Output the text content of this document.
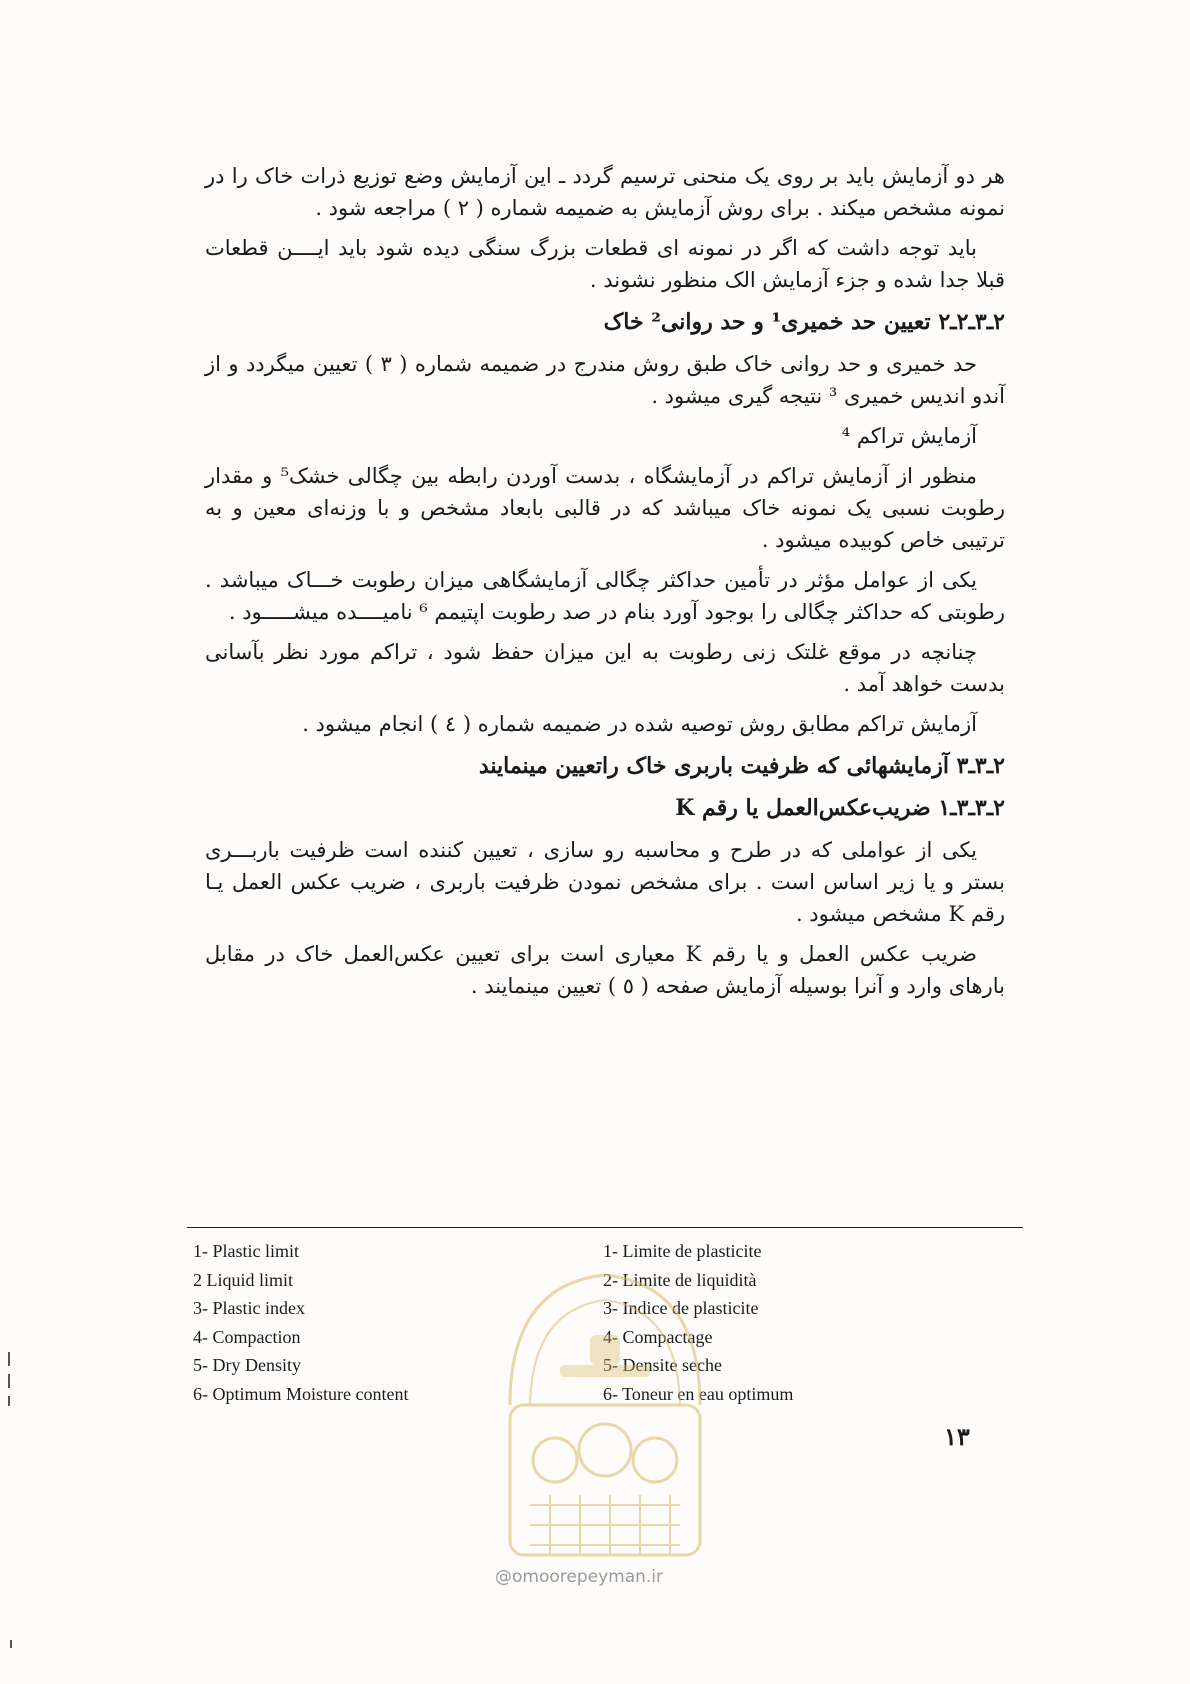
هر دو آزمایش باید بر روی یک منحنی ترسیم گردد ـ این آزمایش وضع توزیع ذرات خاک را در نمونه مشخص میکند . برای روش آزمایش به ضمیمه شماره ( ۲ ) مراجعه شود .

باید توجه داشت که اگر در نمونه ای قطعات بزرگ سنگی دیده شود باید ایــــن قطعات قبلا جدا شده و جزء آزمایش الک منظور نشوند .

۲ـ۳ـ۲ـ۲ تعیین حد خمیری¹ و حد روانی² خاک

حد خمیری و حد روانی خاک طبق روش مندرج در ضمیمه شماره ( ۳ ) تعیین میگردد و از آندو اندیس خمیری ³ نتیجه گیری میشود .

آزمایش تراکم ⁴

منظور از آزمایش تراکم در آزمایشگاه ، بدست آوردن رابطه بین چگالی خشک⁵ و مقدار رطوبت نسبی یک نمونه خاک میباشد که در قالبی بابعاد مشخص و با وزنه‌ای معین و به ترتیبی خاص کوبیده میشود .

یکی از عوامل مؤثر در تأمین حداکثر چگالی آزمایشگاهی میزان رطوبت خـــاک میباشد . رطوبتی که حداکثر چگالی را بوجود آورد بنام در صد رطوبت اپتیمم ⁶ نامیــــده میشـــــود .

چنانچه در موقع غلتک زنی رطوبت به این میزان حفظ شود ، تراکم مورد نظر بآسانی بدست خواهد آمد .

آزمایش تراکم مطابق روش توصیه شده در ضمیمه شماره ( ٤ ) انجام میشود .

۲ـ۳ـ۳ آزمایشهائی که ظرفیت باربری خاک راتعیین مینمایند

۲ـ۳ـ۳ـ۱ ضریب‌عکس‌العمل یا رقم K

یکی از عواملی که در طرح و محاسبه رو سازی ، تعیین کننده است ظرفیت باربـــری بستر و یا زیر اساس است . برای مشخص نمودن ظرفیت باربری ، ضریب عکس العمل یـا رقم K مشخص میشود .

ضریب عکس العمل و یا رقم K معیاری است برای تعیین عکس‌العمل خاک در مقابل بارهای وارد و آنرا بوسیله آزمایش صفحه ( ٥ ) تعیین مینمایند .

1- Plastic limit
2 Liquid limit
3- Plastic index
4- Compaction
5- Dry Density
6- Optimum Moisture content
1- Limite de plasticite
2- Limite de liquidità
3- Indice de plasticite
4- Compactage
5- Densite seche
6- Toneur en eau optimum
۱۳
@omoorepeyman.ir
